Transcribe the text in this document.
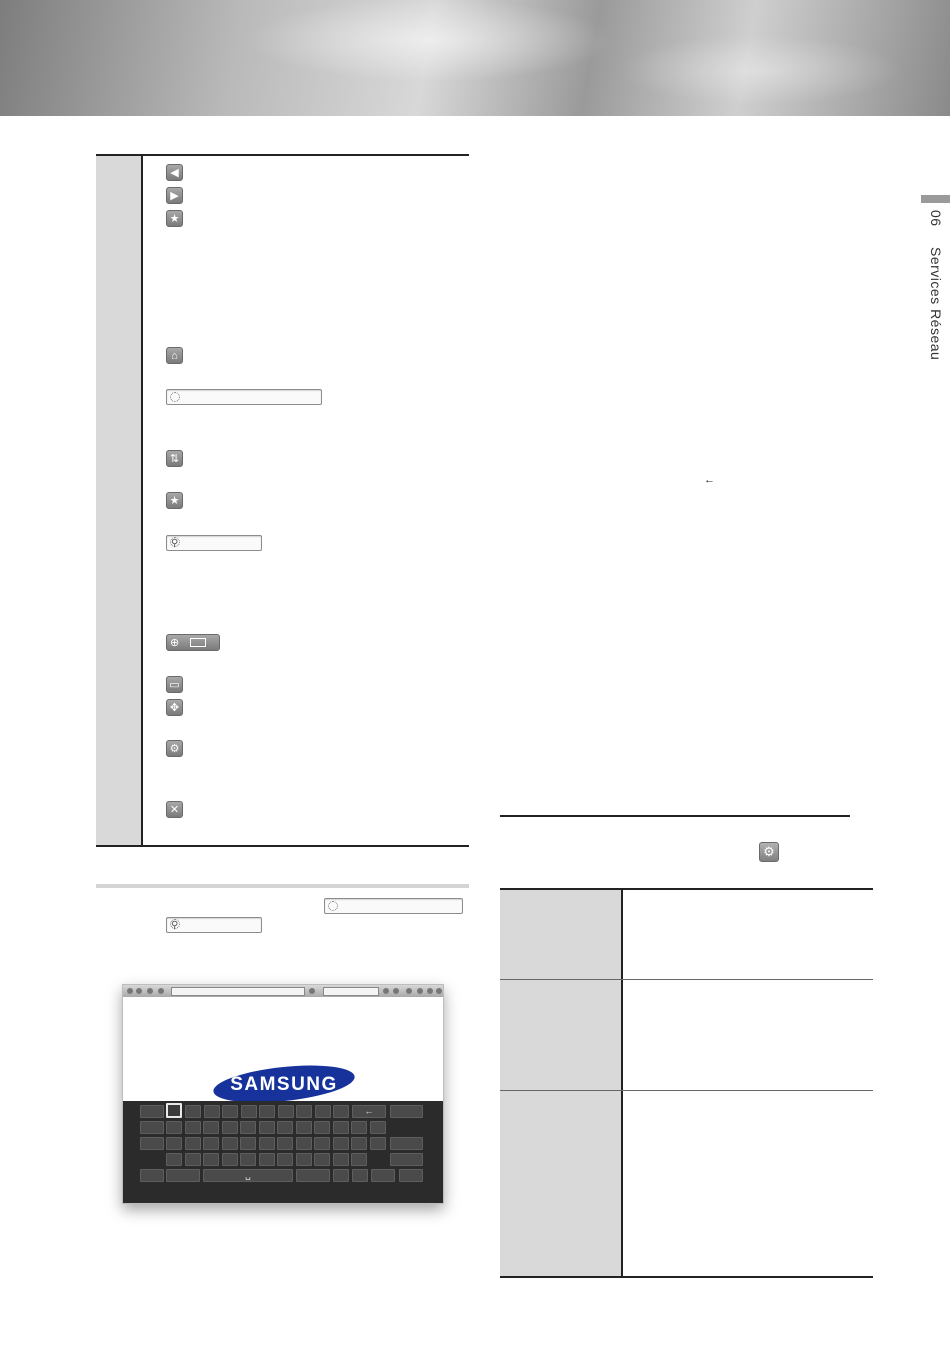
06 Services Réseau
◀
▶
★
⌂
⇅
★
⚲
⊕
▭
✥
⚙
✕
⚲
SAMSUNG
←
␣
←
⚙
